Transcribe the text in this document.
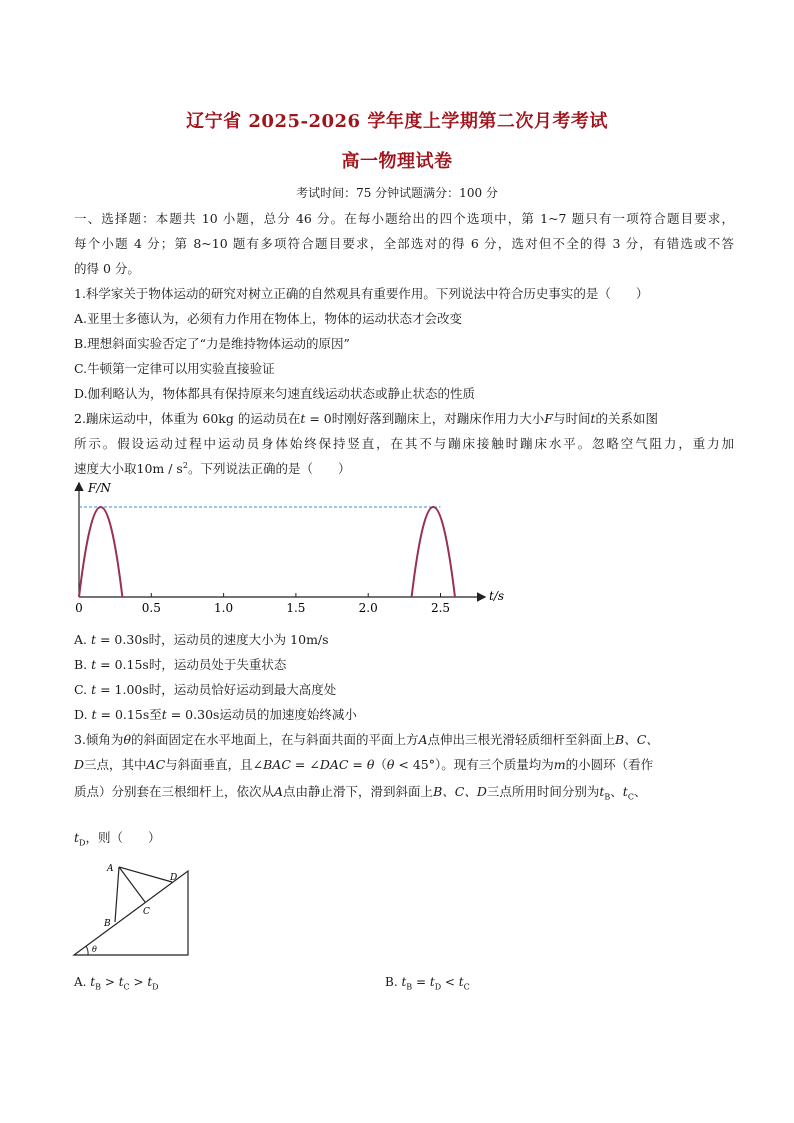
辽宁省 2025-2026 学年度上学期第二次月考考试
高一物理试卷
考试时间：75 分钟试题满分：100 分
一、选择题：本题共 10 小题，总分 46 分。在每小题给出的四个选项中，第 1~7 题只有一项符合题目要求，
每个小题 4 分；第 8~10 题有多项符合题目要求，全部选对的得 6 分，选对但不全的得 3 分，有错选或不答
的得 0 分。
1.科学家关于物体运动的研究对树立正确的自然观具有重要作用。下列说法中符合历史事实的是（　　）
A.亚里士多德认为，必须有力作用在物体上，物体的运动状态才会改变
B.理想斜面实验否定了“力是维持物体运动的原因”
C.牛顿第一定律可以用实验直接验证
D.伽利略认为，物体都具有保持原来匀速直线运动状态或静止状态的性质
2.蹦床运动中，体重为 60kg 的运动员在t = 0时刚好落到蹦床上，对蹦床作用力大小F与时间t的关系如图
所示。假设运动过程中运动员身体始终保持竖直，在其不与蹦床接触时蹦床水平。忽略空气阻力，重力加
速度大小取$10m / s^2$。下列说法正确的是（　　）
0	0.5	1.0	1.5	2.0	2.5
F/N
t/s
A. t = 0.30s时，运动员的速度大小为 10m/s
B. t = 0.15s时，运动员处于失重状态
C. t = 1.00s时，运动员恰好运动到最大高度处
D. t = 0.15s至t = 0.30s运动员的加速度始终减小
3.倾角为θ的斜面固定在水平地面上，在与斜面共面的平面上方A点伸出三根光滑轻质细杆至斜面上B、C、
D三点，其中AC与斜面垂直，且∠BAC = ∠DAC = θ（θ < 45°）。现有三个质量均为m的小圆环（看作
质点）分别套在三根细杆上，依次从A点由静止滑下，滑到斜面上B、C、D三点所用时间分别为$t_B$、$t_C$、
$t_D$，则（　　）
A
B
C
D
θ
A. $t_B > t_C > t_D$	B. $t_B = t_D < t_C$
